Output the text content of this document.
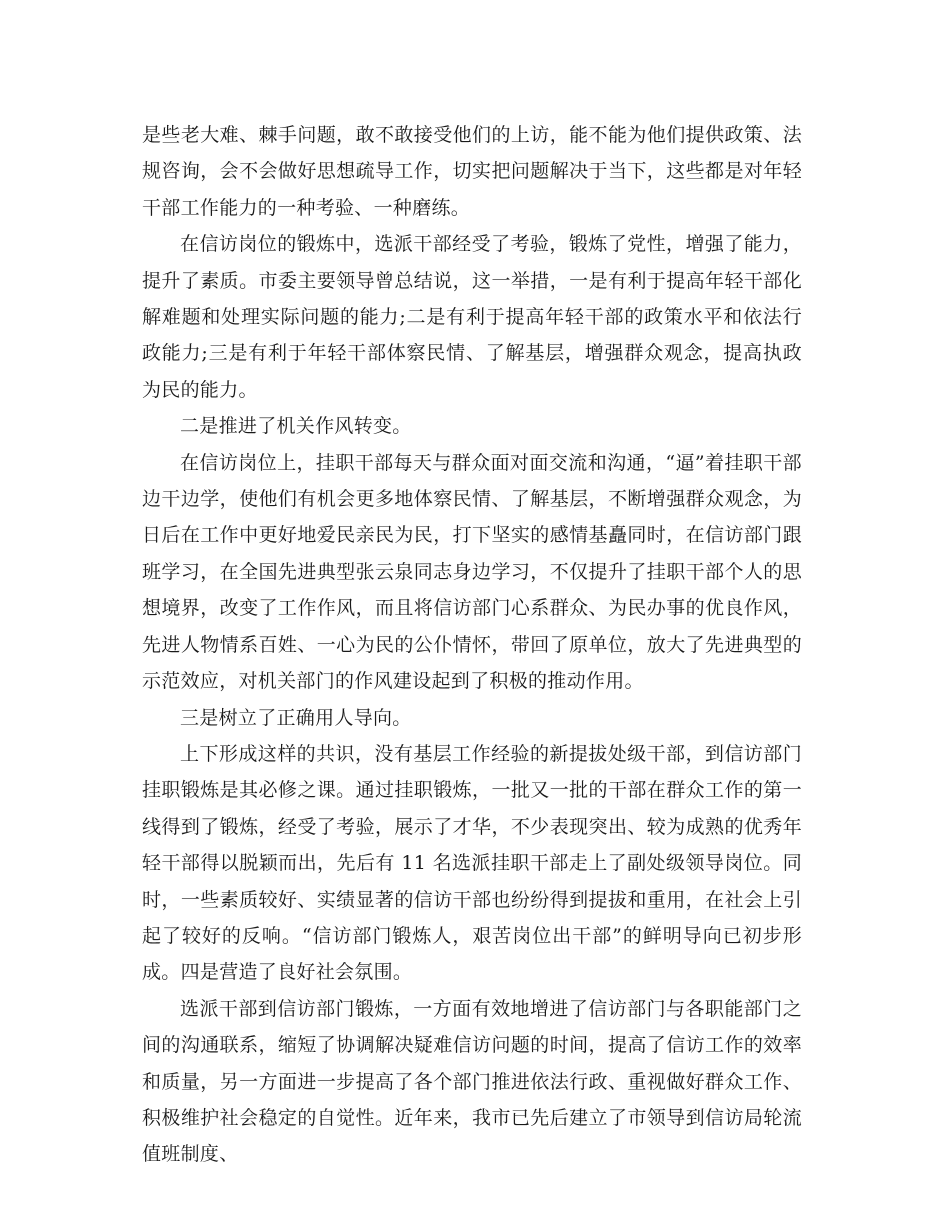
是些老大难、棘手问题，敢不敢接受他们的上访，能不能为他们提供政策、法规咨询，会不会做好思想疏导工作，切实把问题解决于当下，这些都是对年轻干部工作能力的一种考验、一种磨练。

在信访岗位的锻炼中，选派干部经受了考验，锻炼了党性，增强了能力，提升了素质。市委主要领导曾总结说，这一举措，一是有利于提高年轻干部化解难题和处理实际问题的能力;二是有利于提高年轻干部的政策水平和依法行政能力;三是有利于年轻干部体察民情、了解基层，增强群众观念，提高执政为民的能力。

二是推进了机关作风转变。

在信访岗位上，挂职干部每天与群众面对面交流和沟通，“逼”着挂职干部边干边学，使他们有机会更多地体察民情、了解基层，不断增强群众观念，为日后在工作中更好地爱民亲民为民，打下坚实的感情基矗同时，在信访部门跟班学习，在全国先进典型张云泉同志身边学习，不仅提升了挂职干部个人的思想境界，改变了工作作风，而且将信访部门心系群众、为民办事的优良作风，先进人物情系百姓、一心为民的公仆情怀，带回了原单位，放大了先进典型的示范效应，对机关部门的作风建设起到了积极的推动作用。

三是树立了正确用人导向。

上下形成这样的共识，没有基层工作经验的新提拔处级干部，到信访部门挂职锻炼是其必修之课。通过挂职锻炼，一批又一批的干部在群众工作的第一线得到了锻炼，经受了考验，展示了才华，不少表现突出、较为成熟的优秀年轻干部得以脱颖而出，先后有 11 名选派挂职干部走上了副处级领导岗位。同时，一些素质较好、实绩显著的信访干部也纷纷得到提拔和重用，在社会上引起了较好的反响。“信访部门锻炼人，艰苦岗位出干部”的鲜明导向已初步形成。四是营造了良好社会氛围。

选派干部到信访部门锻炼，一方面有效地增进了信访部门与各职能部门之间的沟通联系，缩短了协调解决疑难信访问题的时间，提高了信访工作的效率和质量，另一方面进一步提高了各个部门推进依法行政、重视做好群众工作、积极维护社会稳定的自觉性。近年来，我市已先后建立了市领导到信访局轮流值班制度、
